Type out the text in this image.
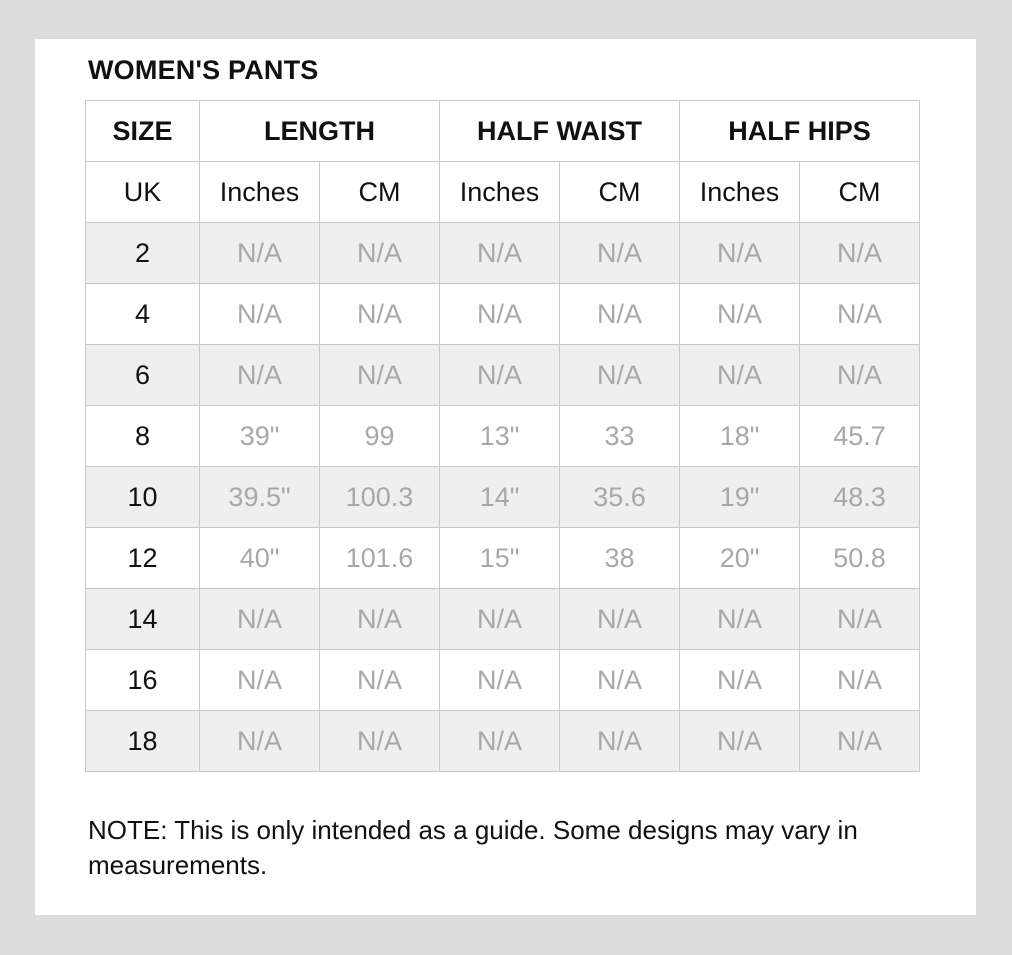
WOMEN'S PANTS
SIZE	LENGTH		HALF WAIST		HALF HIPS	
UK	Inches	CM	Inches	CM	Inches	CM
2	N/A	N/A	N/A	N/A	N/A	N/A
4	N/A	N/A	N/A	N/A	N/A	N/A
6	N/A	N/A	N/A	N/A	N/A	N/A
8	39"	99	13"	33	18"	45.7
10	39.5"	100.3	14"	35.6	19"	48.3
12	40"	101.6	15"	38	20"	50.8
14	N/A	N/A	N/A	N/A	N/A	N/A
16	N/A	N/A	N/A	N/A	N/A	N/A
18	N/A	N/A	N/A	N/A	N/A	N/A
NOTE: This is only intended as a guide. Some designs may vary in measurements.
